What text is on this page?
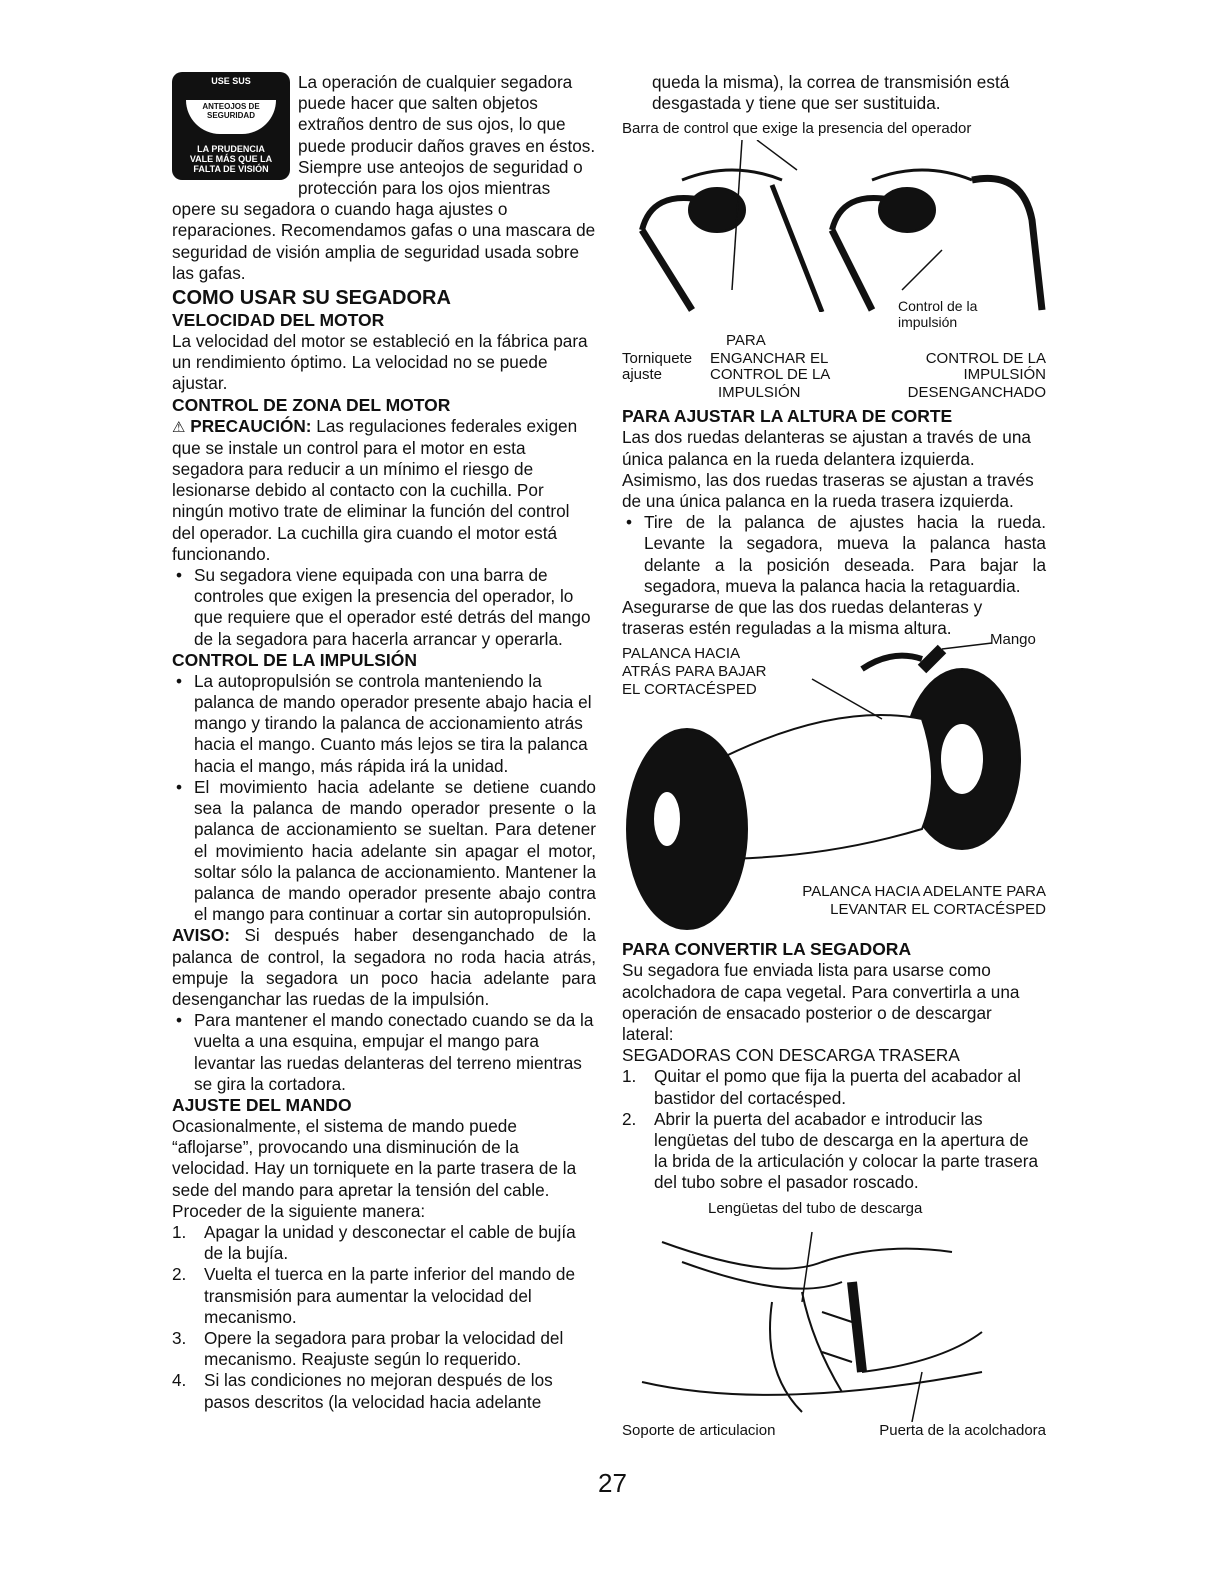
USE SUS
ANTEOJOS DE
SEGURIDAD
LA PRUDENCIA
VALE MÁS QUE LA
FALTA DE VISIÓN

La operación de cualquier segadora puede hacer que salten objetos extraños dentro de sus ojos, lo que puede producir daños graves en éstos. Siempre use anteojos de seguridad o protección para los ojos mientras opere su segadora o cuando haga ajustes o reparaciones. Recomendamos gafas o una mascara de seguridad de visión amplia de seguridad usada sobre las gafas.

COMO USAR SU SEGADORA
VELOCIDAD DEL MOTOR

La velocidad del motor se estableció en la fábrica para un rendimiento óptimo. La velocidad no se puede ajustar.

CONTROL DE ZONA DEL MOTOR

⚠ PRECAUCIÓN: Las regulaciones federales exigen que se instale un control para el motor en esta segadora para reducir a un mínimo el riesgo de lesionarse debido al contacto con la cuchilla. Por ningún motivo trate de eliminar la función del control del operador. La cuchilla gira cuando el motor está funcionando.

• Su segadora viene equipada con una barra de controles que exigen la presencia del operador, lo que requiere que el operador esté detrás del mango de la segadora para hacerla arrancar y operarla.
CONTROL DE LA IMPULSIÓN
• La autopropulsión se controla manteniendo la palanca de mando operador presente abajo hacia el mango y tirando la palanca de accionamiento atrás hacia el mango. Cuanto más lejos se tira la palanca hacia el mango, más rápida irá la unidad.
• El movimiento hacia adelante se detiene cuando sea la palanca de mando operador presente o la palanca de accionamiento se sueltan. Para detener el movimiento hacia adelante sin apagar el motor, soltar sólo la palanca de accionamiento. Mantener la palanca de mando operador presente abajo contra el mango para continuar a cortar sin autopropulsión.

AVISO: Si después haber desenganchado de la palanca de control, la segadora no roda hacia atrás, empuje la segadora un poco hacia adelante para desenganchar las ruedas de la impulsión.

• Para mantener el mando conectado cuando se da la vuelta a una esquina, empujar el mango para levantar las ruedas delanteras del terreno mientras se gira la cortadora.
AJUSTE DEL MANDO

Ocasionalmente, el sistema de mando puede “aflojarse”, provocando una disminución de la velocidad. Hay un torniquete en la parte trasera de la sede del mando para apretar la tensión del cable. Proceder de la siguiente manera:

1. Apagar la unidad y desconectar el cable de bujía de la bujía.
2. Vuelta el tuerca en la parte inferior del mando de transmisión para aumentar la velocidad del mecanismo.
3. Opere la segadora para probar la velocidad del mecanismo. Reajuste según lo requerido.
4. Si las condiciones no mejoran después de los pasos descritos (la velocidad hacia adelante

queda la misma), la correa de transmisión está desgastada y tiene que ser sustituida.

Barra de control que exige la presencia del operador
Control de la impulsión
PARA
Torniquete ENGANCHAR EL	CONTROL DE LA
ajuste	CONTROL DE LA	IMPULSIÓN
IMPULSIÓN	DESENGANCHADO
PARA AJUSTAR LA ALTURA DE CORTE

Las dos ruedas delanteras se ajustan a través de una única palanca en la rueda delantera izquierda. Asimismo, las dos ruedas traseras se ajustan a través de una única palanca en la rueda trasera izquierda.

• Tire de la palanca de ajustes hacia la rueda. Levante la segadora, mueva la palanca hasta delante a la posición deseada. Para bajar la segadora, mueva la palanca hacia la retaguardia.

Asegurarse de que las dos ruedas delanteras y traseras estén reguladas a la misma altura.

Mango
PALANCA HACIA
ATRÁS PARA BAJAR
EL CORTACÉSPED
PALANCA HACIA ADELANTE PARA
LEVANTAR EL CORTACÉSPED
PARA CONVERTIR LA SEGADORA

Su segadora fue enviada lista para usarse como acolchadora de capa vegetal. Para convertirla a una operación de ensacado posterior o de descargar lateral:

SEGADORAS CON DESCARGA TRASERA
1. Quitar el pomo que fija la puerta del acabador al bastidor del cortacésped.
2. Abrir la puerta del acabador e introducir las lengüetas del tubo de descarga en la apertura de la brida de la articulación y colocar la parte trasera del tubo sobre el pasador roscado.
Lengüetas del tubo de descarga
Soporte de articulacion	Puerta de la acolchadora
27
